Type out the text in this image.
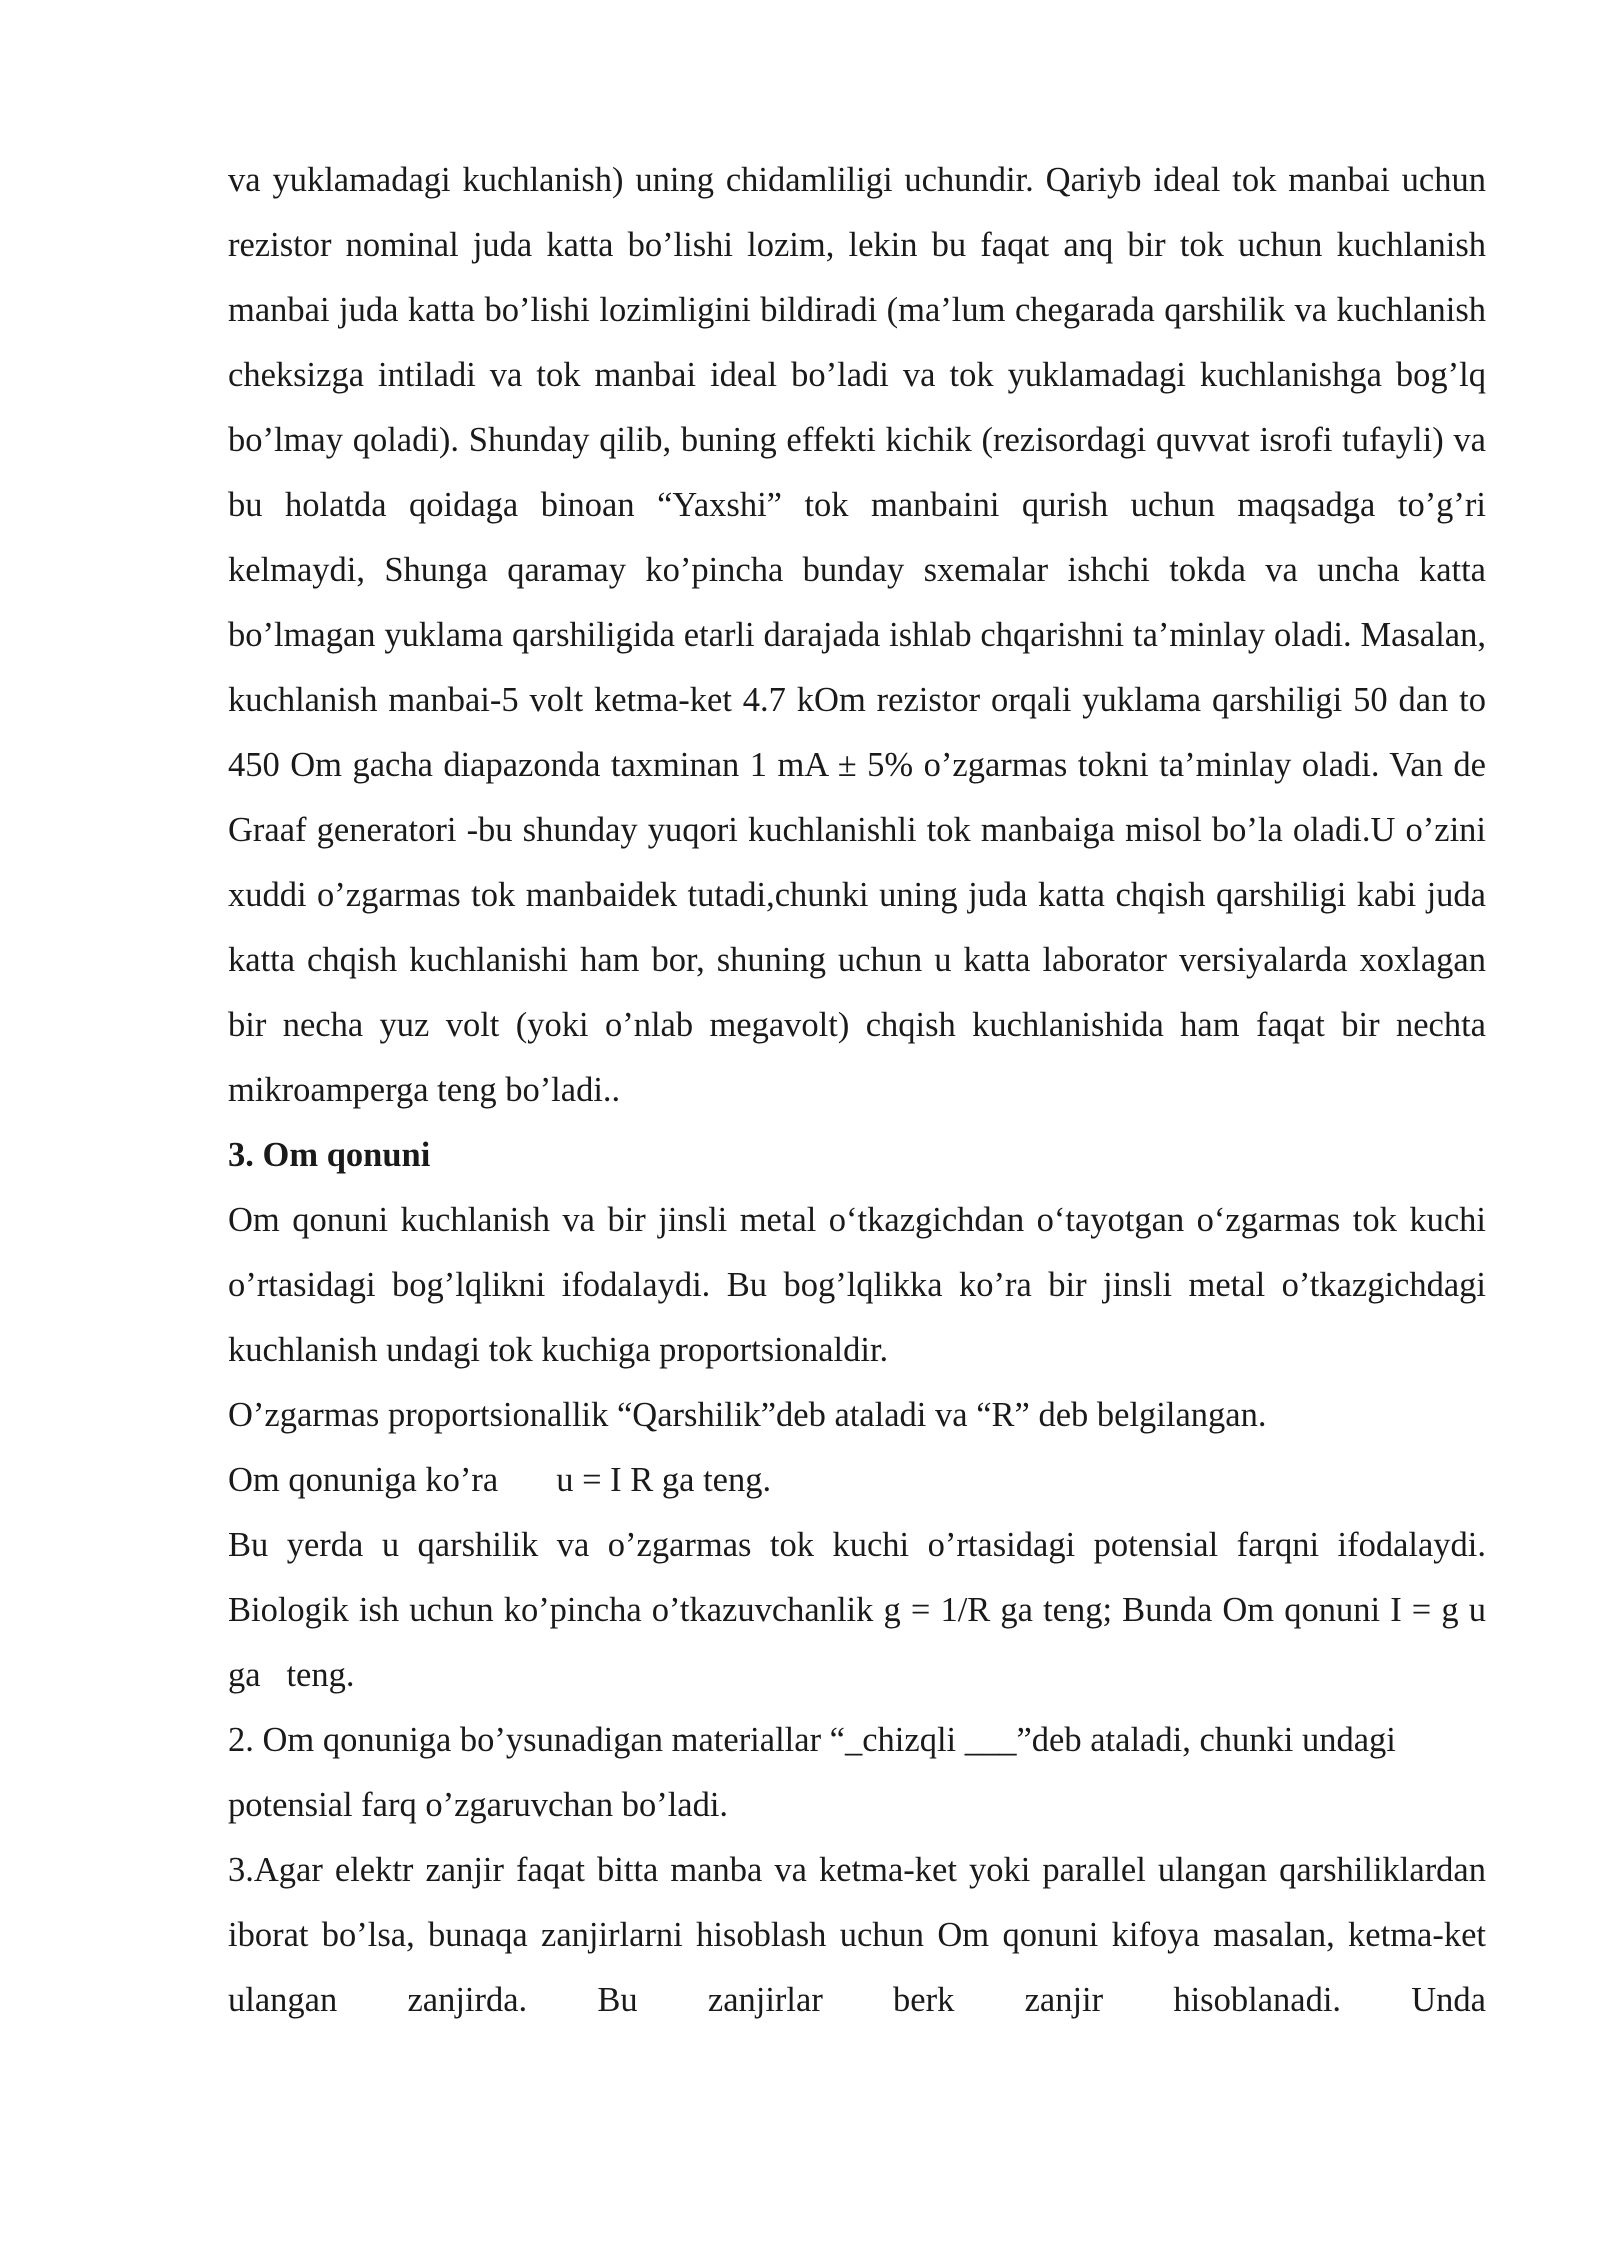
va yuklamadagi kuchlanish) uning chidamliligi uchundir. Qariyb ideal tok manbai uchun rezistor nominal juda katta bo’lishi lozim, lekin bu faqat anq bir tok uchun kuchlanish manbai juda katta bo’lishi lozimligini bildiradi (ma’lum chegarada qarshilik va kuchlanish cheksizga intiladi va tok manbai ideal bo’ladi va tok yuklamadagi kuchlanishga bog’lq bo’lmay qoladi). Shunday qilib, buning effekti kichik (rezisordagi quvvat isrofi tufayli) va bu holatda qoidaga binoan “Yaxshi” tok manbaini qurish uchun maqsadga to’g’ri kelmaydi, Shunga qaramay ko’pincha bunday sxemalar ishchi tokda va uncha katta bo’lmagan yuklama qarshiligida etarli darajada ishlab chqarishni ta’minlay oladi. Masalan, kuchlanish manbai-5 volt ketma-ket 4.7 kOm rezistor orqali yuklama qarshiligi 50 dan to 450 Om gacha diapazonda taxminan 1 mA ± 5% o’zgarmas tokni ta’minlay oladi. Van de Graaf generatori -bu shunday yuqori kuchlanishli tok manbaiga misol bo’la oladi.U o’zini xuddi o’zgarmas tok manbaidek tutadi,chunki uning juda katta chqish qarshiligi kabi juda katta chqish kuchlanishi ham bor, shuning uchun u katta laborator versiyalarda xoxlagan bir necha yuz volt (yoki o’nlab megavolt) chqish kuchlanishida ham faqat bir nechta mikroamperga teng bo’ladi..

3. Om qonuni

Om qonuni kuchlanish va bir jinsli metal o‘tkazgichdan o‘tayotgan o‘zgarmas tok kuchi o’rtasidagi bog’lqlikni ifodalaydi. Bu bog’lqlikka ko’ra bir jinsli metal o’tkazgichdagi kuchlanish undagi tok kuchiga proportsionaldir.

O’zgarmas proportsionallik “Qarshilik”deb ataladi va “R” deb belgilangan.

Om qonuniga ko’ra u = I R ga teng.

Bu yerda u qarshilik va o’zgarmas tok kuchi o’rtasidagi potensial farqni ifodalaydi. Biologik ish uchun ko’pincha o’tkazuvchanlik g = 1/R ga teng; Bunda Om qonuni I = g u ga   teng.

2. Om qonuniga bo’ysunadigan materiallar “_chizqli ___”deb ataladi, chunki undagi potensial farq o’zgaruvchan bo’ladi.

3.Agar elektr zanjir faqat bitta manba va ketma-ket yoki parallel ulangan qarshiliklardan iborat bo’lsa, bunaqa zanjirlarni hisoblash uchun Om qonuni kifoya masalan, ketma-ket ulangan zanjirda. Bu zanjirlar berk zanjir hisoblanadi. Unda
